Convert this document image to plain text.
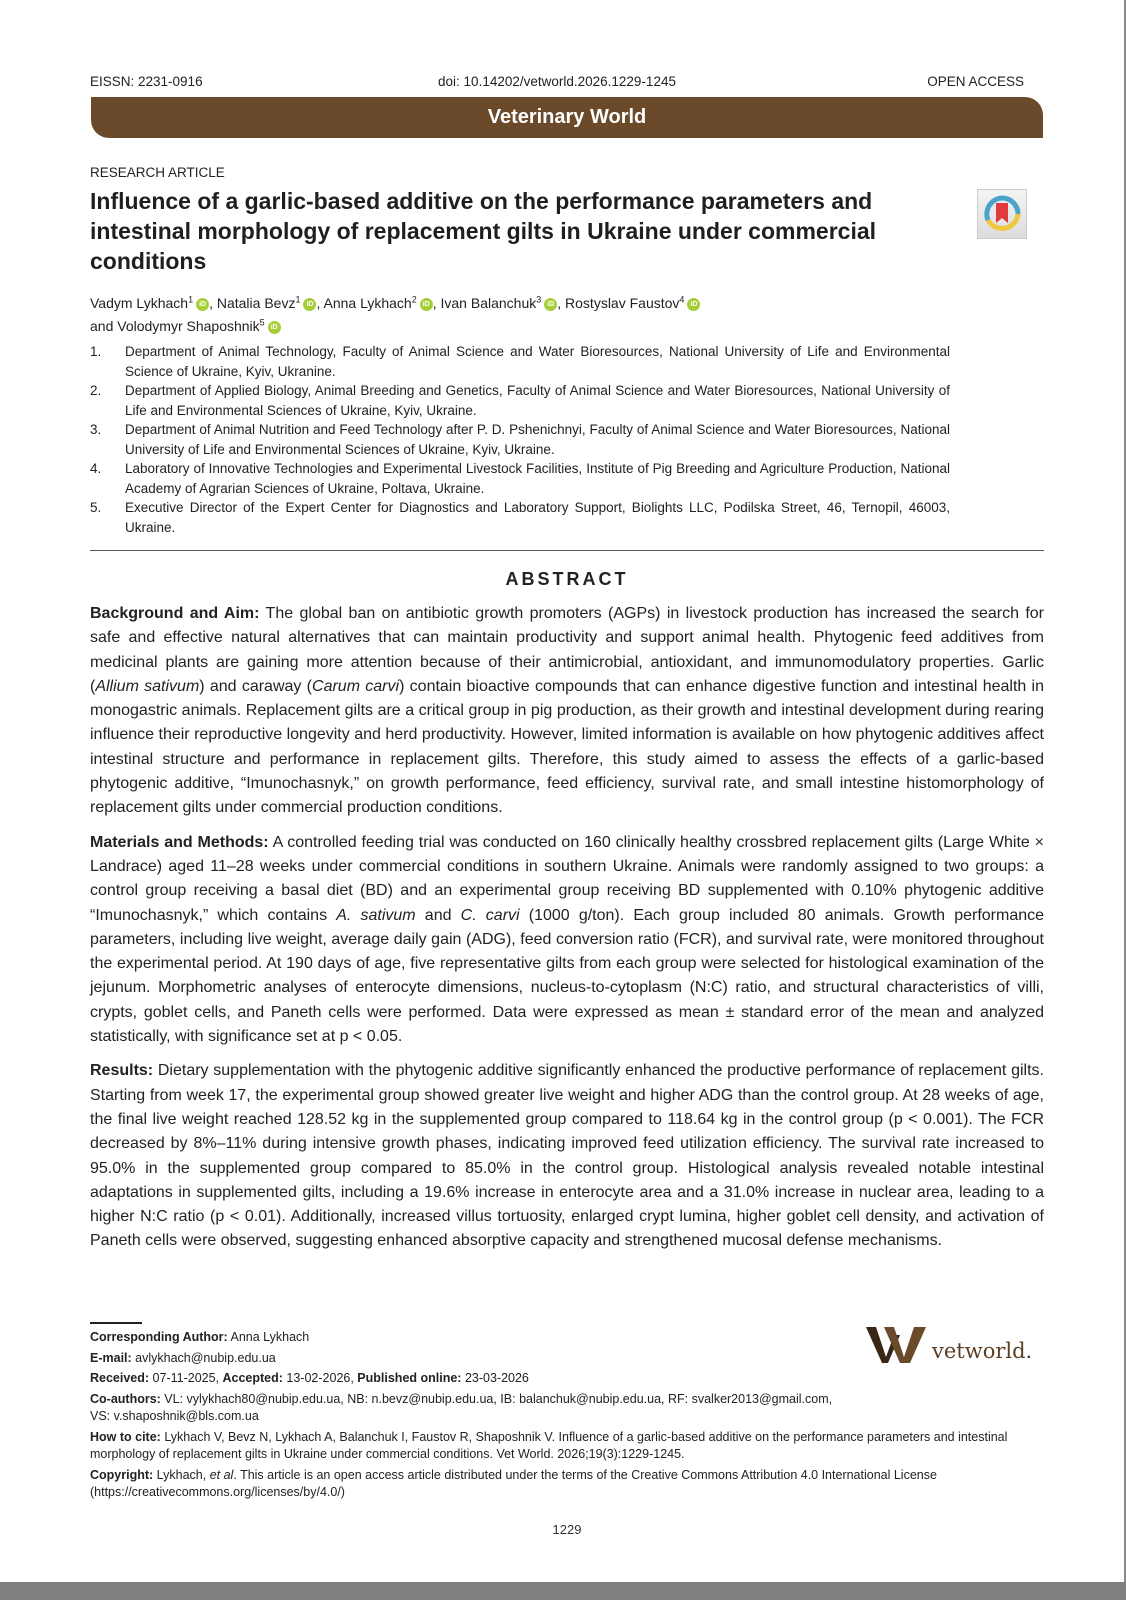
EISSN: 2231-0916	doi: 10.14202/vetworld.2026.1229-1245	OPEN ACCESS
Veterinary World
RESEARCH ARTICLE
Influence of a garlic-based additive on the performance parameters and intestinal morphology of replacement gilts in Ukraine under commercial conditions
Vadym Lykhach$^1$iD , Natalia Bevz$^1$iD , Anna Lykhach$^2$iD , Ivan Balanchuk$^3$iD , Rostyslav Faustov$^4$iD
and Volodymyr Shaposhnik$^5$iD
1.	Department of Animal Technology, Faculty of Animal Science and Water Bioresources, National University of Life and Environmental Science of Ukraine, Kyiv, Ukranine.
2.	Department of Applied Biology, Animal Breeding and Genetics, Faculty of Animal Science and Water Bioresources, National University of Life and Environmental Sciences of Ukraine, Kyiv, Ukraine.
3.	Department of Animal Nutrition and Feed Technology after P. D. Pshenichnyi, Faculty of Animal Science and Water Bioresources, National University of Life and Environmental Sciences of Ukraine, Kyiv, Ukraine.
4.	Laboratory of Innovative Technologies and Experimental Livestock Facilities, Institute of Pig Breeding and Agriculture Production, National Academy of Agrarian Sciences of Ukraine, Poltava, Ukraine.
5.	Executive Director of the Expert Center for Diagnostics and Laboratory Support, Biolights LLC, Podilska Street, 46, Ternopil, 46003, Ukraine.
ABSTRACT

Background and Aim: The global ban on antibiotic growth promoters (AGPs) in livestock production has increased the search for safe and effective natural alternatives that can maintain productivity and support animal health. Phytogenic feed additives from medicinal plants are gaining more attention because of their antimicrobial, antioxidant, and immunomodulatory properties. Garlic (Allium sativum) and caraway (Carum carvi) contain bioactive compounds that can enhance digestive function and intestinal health in monogastric animals. Replacement gilts are a critical group in pig production, as their growth and intestinal development during rearing influence their reproductive longevity and herd productivity. However, limited information is available on how phytogenic additives affect intestinal structure and performance in replacement gilts. Therefore, this study aimed to assess the effects of a garlic-based phytogenic additive, “Imunochasnyk,” on growth performance, feed efficiency, survival rate, and small intestine histomorphology of replacement gilts under commercial production conditions.

Materials and Methods: A controlled feeding trial was conducted on 160 clinically healthy crossbred replacement gilts (Large White × Landrace) aged 11–28 weeks under commercial conditions in southern Ukraine. Animals were randomly assigned to two groups: a control group receiving a basal diet (BD) and an experimental group receiving BD supplemented with 0.10% phytogenic additive “Imunochasnyk,” which contains A. sativum and C. carvi (1000 g/ton). Each group included 80 animals. Growth performance parameters, including live weight, average daily gain (ADG), feed conversion ratio (FCR), and survival rate, were monitored throughout the experimental period. At 190 days of age, five representative gilts from each group were selected for histological examination of the jejunum. Morphometric analyses of enterocyte dimensions, nucleus-to-cytoplasm (N:C) ratio, and structural characteristics of villi, crypts, goblet cells, and Paneth cells were performed. Data were expressed as mean ± standard error of the mean and analyzed statistically, with significance set at p < 0.05.

Results: Dietary supplementation with the phytogenic additive significantly enhanced the productive performance of replacement gilts. Starting from week 17, the experimental group showed greater live weight and higher ADG than the control group. At 28 weeks of age, the final live weight reached 128.52 kg in the supplemented group compared to 118.64 kg in the control group (p < 0.001). The FCR decreased by 8%–11% during intensive growth phases, indicating improved feed utilization efficiency. The survival rate increased to 95.0% in the supplemented group compared to 85.0% in the control group. Histological analysis revealed notable intestinal adaptations in supplemented gilts, including a 19.6% increase in enterocyte area and a 31.0% increase in nuclear area, leading to a higher N:C ratio (p < 0.01). Additionally, increased villus tortuosity, enlarged crypt lumina, higher goblet cell density, and activation of Paneth cells were observed, suggesting enhanced absorptive capacity and strengthened mucosal defense mechanisms.

vetworld.
Corresponding Author: Anna Lykhach
E-mail: avlykhach@nubip.edu.ua
Received: 07-11-2025, Accepted: 13-02-2026, Published online: 23-03-2026
Co-authors: VL: vylykhach80@nubip.edu.ua, NB: n.bevz@nubip.edu.ua, IB: balanchuk@nubip.edu.ua, RF: svalker2013@gmail.com,
VS: v.shaposhnik@bls.com.ua
How to cite: Lykhach V, Bevz N, Lykhach A, Balanchuk I, Faustov R, Shaposhnik V. Influence of a garlic-based additive on the performance parameters and intestinal morphology of replacement gilts in Ukraine under commercial conditions. Vet World. 2026;19(3):1229-1245.
Copyright: Lykhach, et al. This article is an open access article distributed under the terms of the Creative Commons Attribution 4.0 International License (https://creativecommons.org/licenses/by/4.0/)
1229
